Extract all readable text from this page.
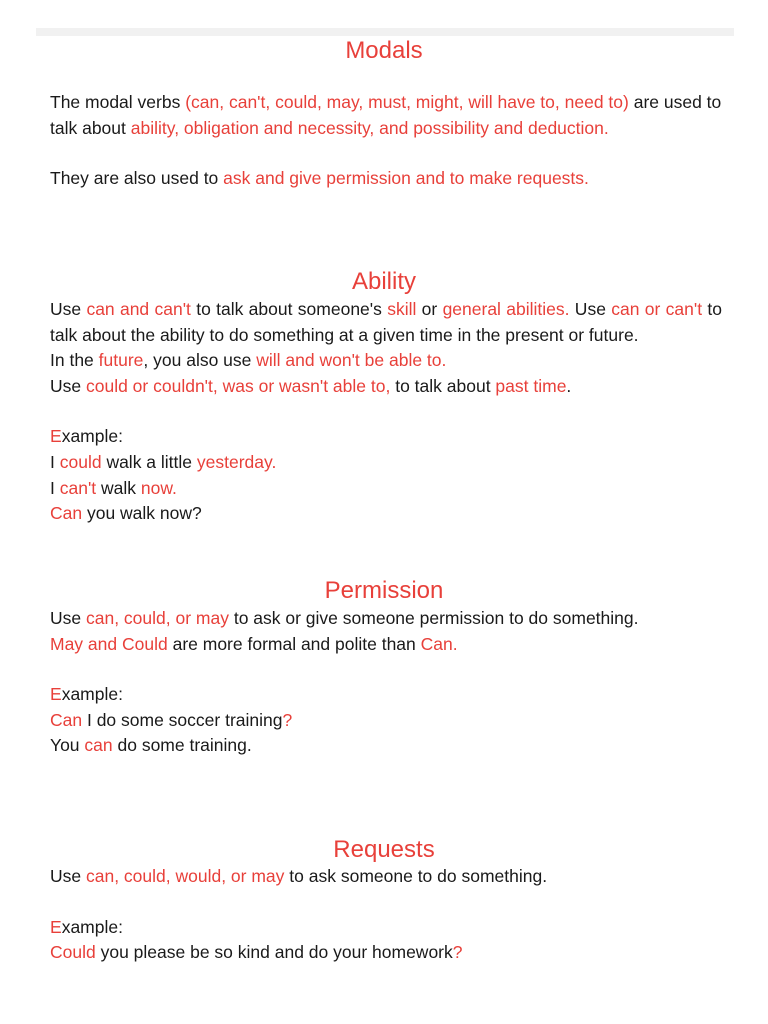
Modals

The modal verbs (can, can't, could, may, must, might, will have to, need to) are used to talk about ability, obligation and necessity, and possibility and deduction.

They are also used to ask and give permission and to make requests.

Ability

Use can and can't to talk about someone's skill or general abilities. Use can or can't to talk about the ability to do something at a given time in the present or future.

In the future, you also use will and won't be able to.

Use could or couldn't, was or wasn't able to, to talk about past time.

Example:

I could walk a little yesterday.

I can't walk now.

Can you walk now?

Permission

Use can, could, or may to ask or give someone permission to do something.

May and Could are more formal and polite than Can.

Example:

Can I do some soccer training?

You can do some training.

Requests

Use can, could, would, or may to ask someone to do something.

Example:

Could you please be so kind and do your homework?
